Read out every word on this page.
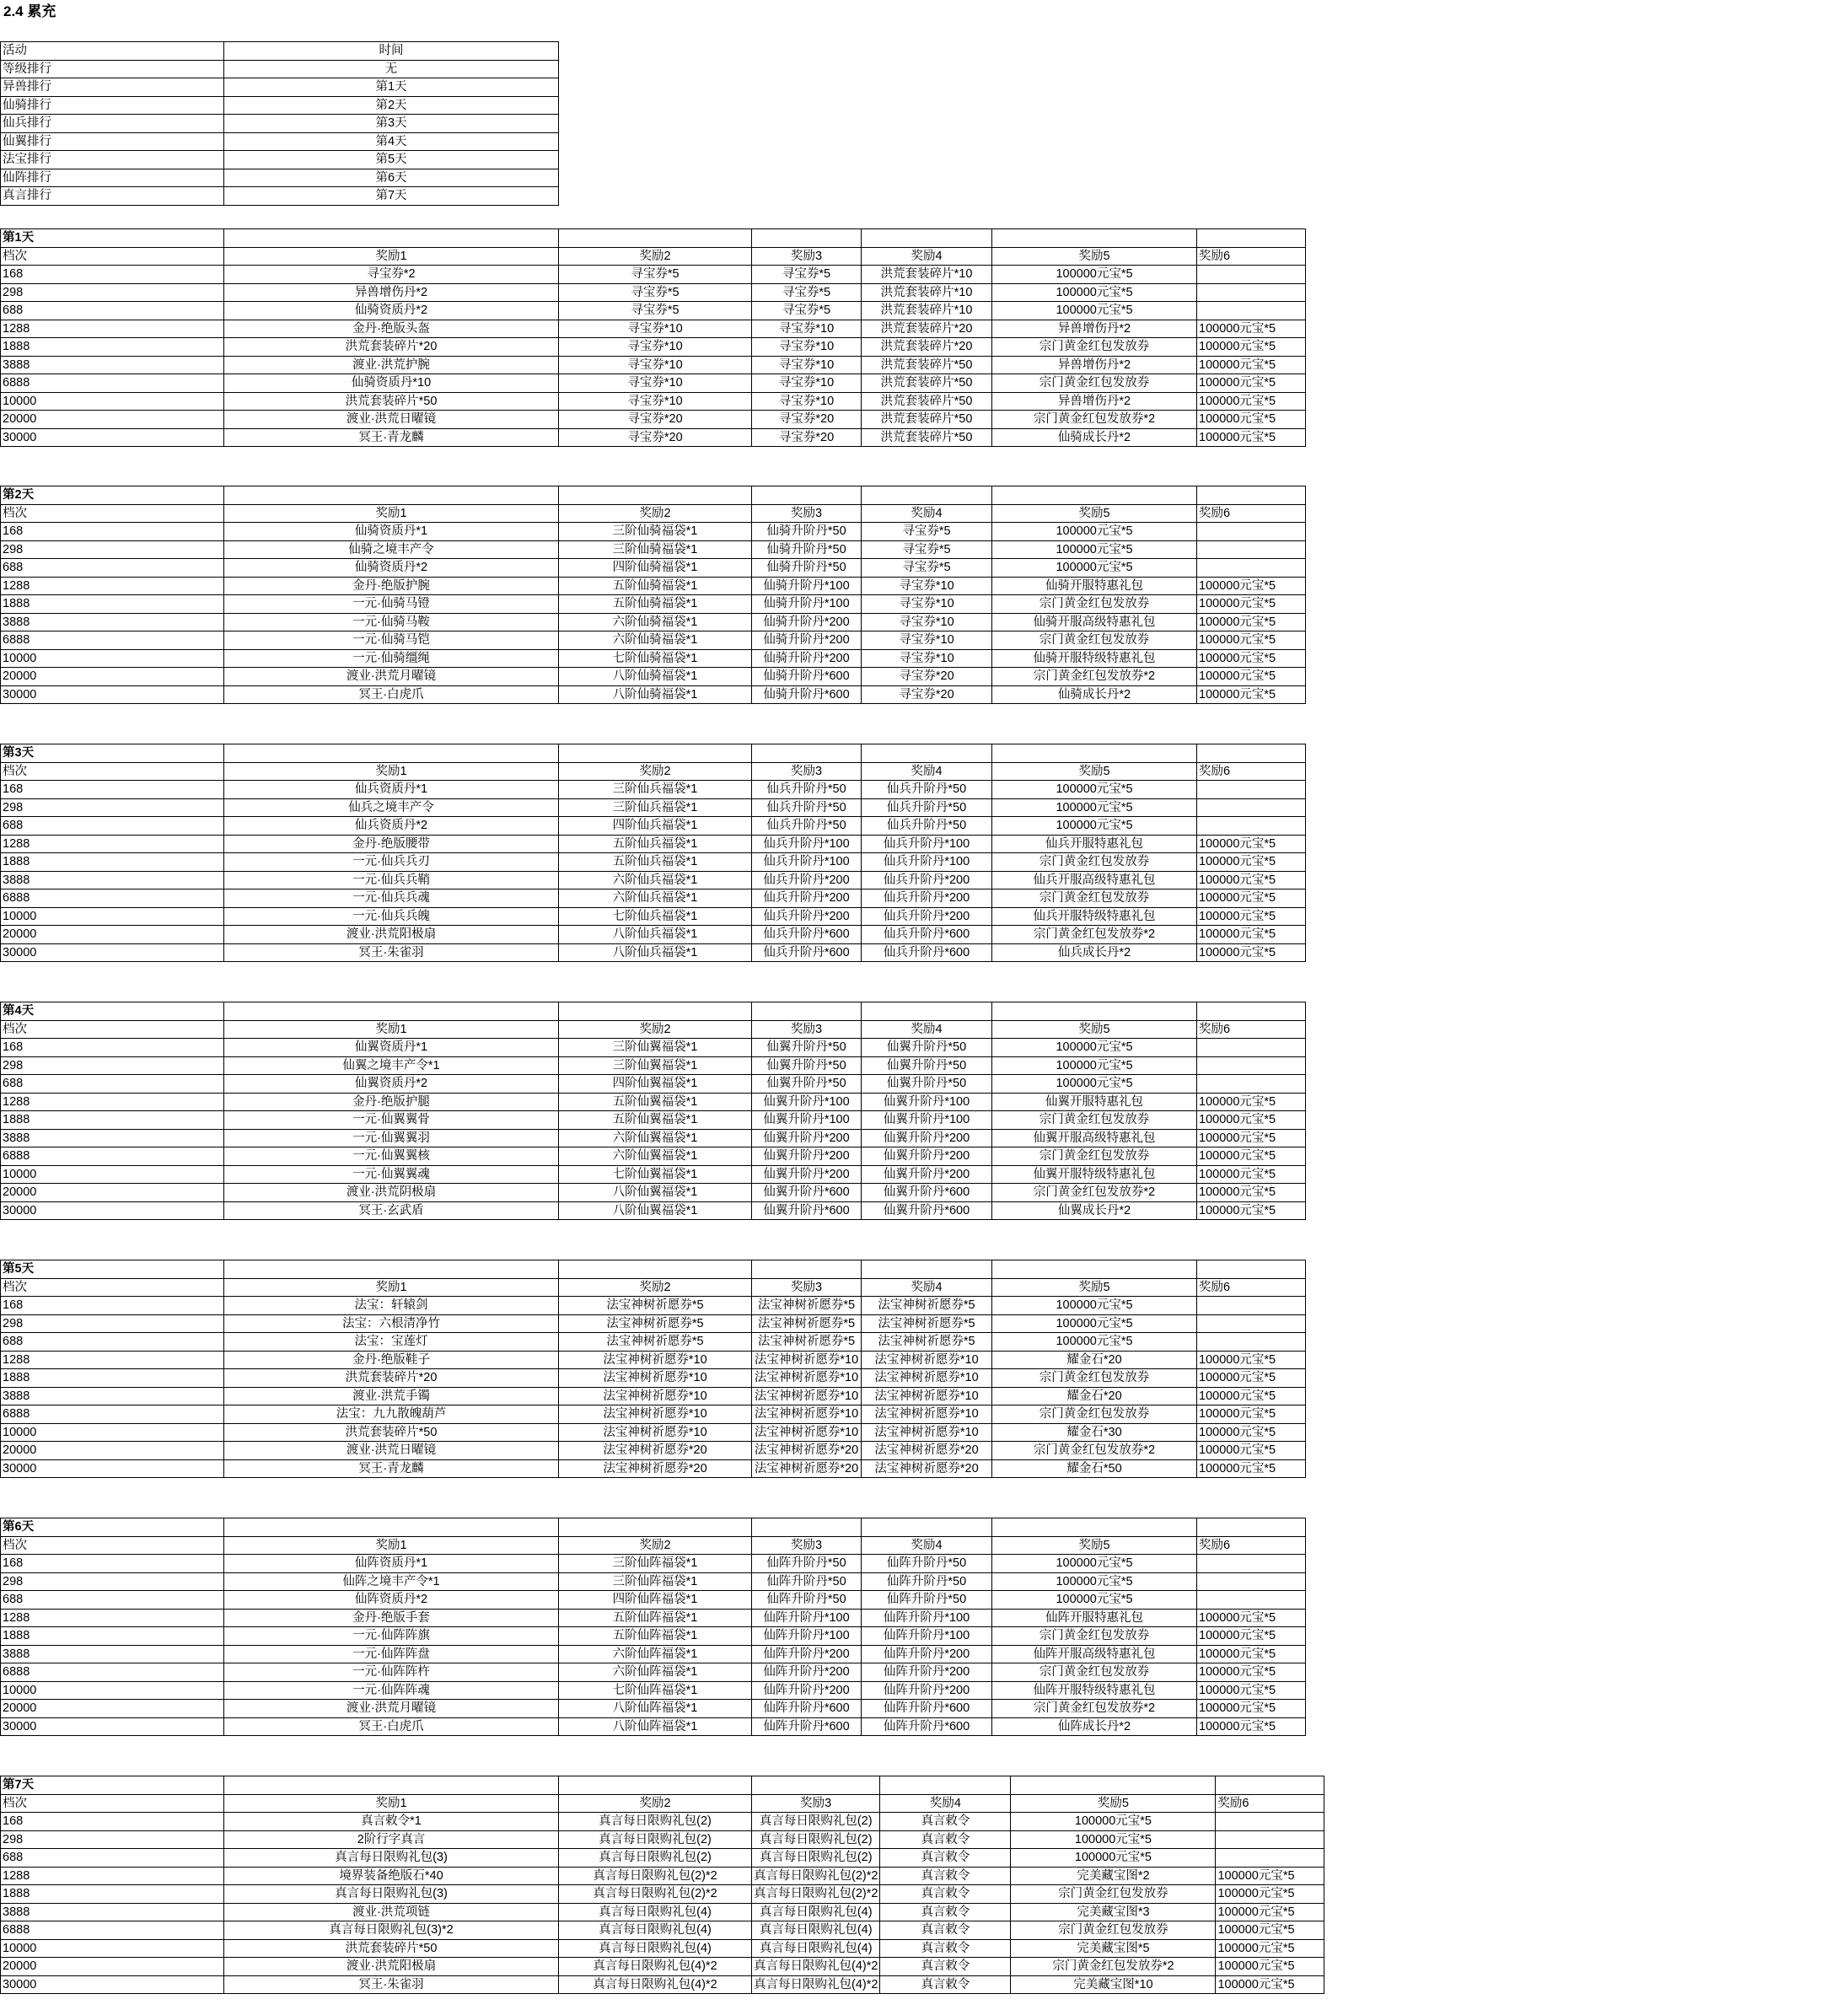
2.4 累充
活动	时间
等级排行	无
异兽排行	第1天
仙骑排行	第2天
仙兵排行	第3天
仙翼排行	第4天
法宝排行	第5天
仙阵排行	第6天
真言排行	第7天
第1天						
档次	奖励1	奖励2	奖励3	奖励4	奖励5	奖励6
168	寻宝券*2	寻宝券*5	寻宝券*5	洪荒套装碎片*10	100000元宝*5	
298	异兽增伤丹*2	寻宝券*5	寻宝券*5	洪荒套装碎片*10	100000元宝*5	
688	仙骑资质丹*2	寻宝券*5	寻宝券*5	洪荒套装碎片*10	100000元宝*5	
1288	金丹·绝版头盔	寻宝券*10	寻宝券*10	洪荒套装碎片*20	异兽增伤丹*2	100000元宝*5
1888	洪荒套装碎片*20	寻宝券*10	寻宝券*10	洪荒套装碎片*20	宗门黄金红包发放券	100000元宝*5
3888	渡业·洪荒护腕	寻宝券*10	寻宝券*10	洪荒套装碎片*50	异兽增伤丹*2	100000元宝*5
6888	仙骑资质丹*10	寻宝券*10	寻宝券*10	洪荒套装碎片*50	宗门黄金红包发放券	100000元宝*5
10000	洪荒套装碎片*50	寻宝券*10	寻宝券*10	洪荒套装碎片*50	异兽增伤丹*2	100000元宝*5
20000	渡业·洪荒日曜镜	寻宝券*20	寻宝券*20	洪荒套装碎片*50	宗门黄金红包发放券*2	100000元宝*5
30000	冥王·青龙麟	寻宝券*20	寻宝券*20	洪荒套装碎片*50	仙骑成长丹*2	100000元宝*5
第2天						
档次	奖励1	奖励2	奖励3	奖励4	奖励5	奖励6
168	仙骑资质丹*1	三阶仙骑福袋*1	仙骑升阶丹*50	寻宝券*5	100000元宝*5	
298	仙骑之境丰产令	三阶仙骑福袋*1	仙骑升阶丹*50	寻宝券*5	100000元宝*5	
688	仙骑资质丹*2	四阶仙骑福袋*1	仙骑升阶丹*50	寻宝券*5	100000元宝*5	
1288	金丹·绝版护腕	五阶仙骑福袋*1	仙骑升阶丹*100	寻宝券*10	仙骑开服特惠礼包	100000元宝*5
1888	一元·仙骑马镫	五阶仙骑福袋*1	仙骑升阶丹*100	寻宝券*10	宗门黄金红包发放券	100000元宝*5
3888	一元·仙骑马鞍	六阶仙骑福袋*1	仙骑升阶丹*200	寻宝券*10	仙骑开服高级特惠礼包	100000元宝*5
6888	一元·仙骑马铠	六阶仙骑福袋*1	仙骑升阶丹*200	寻宝券*10	宗门黄金红包发放券	100000元宝*5
10000	一元·仙骑缰绳	七阶仙骑福袋*1	仙骑升阶丹*200	寻宝券*10	仙骑开服特级特惠礼包	100000元宝*5
20000	渡业·洪荒月曜镜	八阶仙骑福袋*1	仙骑升阶丹*600	寻宝券*20	宗门黄金红包发放券*2	100000元宝*5
30000	冥王·白虎爪	八阶仙骑福袋*1	仙骑升阶丹*600	寻宝券*20	仙骑成长丹*2	100000元宝*5
第3天						
档次	奖励1	奖励2	奖励3	奖励4	奖励5	奖励6
168	仙兵资质丹*1	三阶仙兵福袋*1	仙兵升阶丹*50	仙兵升阶丹*50	100000元宝*5	
298	仙兵之境丰产令	三阶仙兵福袋*1	仙兵升阶丹*50	仙兵升阶丹*50	100000元宝*5	
688	仙兵资质丹*2	四阶仙兵福袋*1	仙兵升阶丹*50	仙兵升阶丹*50	100000元宝*5	
1288	金丹·绝版腰带	五阶仙兵福袋*1	仙兵升阶丹*100	仙兵升阶丹*100	仙兵开服特惠礼包	100000元宝*5
1888	一元·仙兵兵刃	五阶仙兵福袋*1	仙兵升阶丹*100	仙兵升阶丹*100	宗门黄金红包发放券	100000元宝*5
3888	一元·仙兵兵鞘	六阶仙兵福袋*1	仙兵升阶丹*200	仙兵升阶丹*200	仙兵开服高级特惠礼包	100000元宝*5
6888	一元·仙兵兵魂	六阶仙兵福袋*1	仙兵升阶丹*200	仙兵升阶丹*200	宗门黄金红包发放券	100000元宝*5
10000	一元·仙兵兵魄	七阶仙兵福袋*1	仙兵升阶丹*200	仙兵升阶丹*200	仙兵开服特级特惠礼包	100000元宝*5
20000	渡业·洪荒阳极扇	八阶仙兵福袋*1	仙兵升阶丹*600	仙兵升阶丹*600	宗门黄金红包发放券*2	100000元宝*5
30000	冥王·朱雀羽	八阶仙兵福袋*1	仙兵升阶丹*600	仙兵升阶丹*600	仙兵成长丹*2	100000元宝*5
第4天						
档次	奖励1	奖励2	奖励3	奖励4	奖励5	奖励6
168	仙翼资质丹*1	三阶仙翼福袋*1	仙翼升阶丹*50	仙翼升阶丹*50	100000元宝*5	
298	仙翼之境丰产令*1	三阶仙翼福袋*1	仙翼升阶丹*50	仙翼升阶丹*50	100000元宝*5	
688	仙翼资质丹*2	四阶仙翼福袋*1	仙翼升阶丹*50	仙翼升阶丹*50	100000元宝*5	
1288	金丹·绝版护腿	五阶仙翼福袋*1	仙翼升阶丹*100	仙翼升阶丹*100	仙翼开服特惠礼包	100000元宝*5
1888	一元·仙翼翼骨	五阶仙翼福袋*1	仙翼升阶丹*100	仙翼升阶丹*100	宗门黄金红包发放券	100000元宝*5
3888	一元·仙翼翼羽	六阶仙翼福袋*1	仙翼升阶丹*200	仙翼升阶丹*200	仙翼开服高级特惠礼包	100000元宝*5
6888	一元·仙翼翼核	六阶仙翼福袋*1	仙翼升阶丹*200	仙翼升阶丹*200	宗门黄金红包发放券	100000元宝*5
10000	一元·仙翼翼魂	七阶仙翼福袋*1	仙翼升阶丹*200	仙翼升阶丹*200	仙翼开服特级特惠礼包	100000元宝*5
20000	渡业·洪荒阴极扇	八阶仙翼福袋*1	仙翼升阶丹*600	仙翼升阶丹*600	宗门黄金红包发放券*2	100000元宝*5
30000	冥王·玄武盾	八阶仙翼福袋*1	仙翼升阶丹*600	仙翼升阶丹*600	仙翼成长丹*2	100000元宝*5
第5天						
档次	奖励1	奖励2	奖励3	奖励4	奖励5	奖励6
168	法宝：轩辕剑	法宝神树祈愿券*5	法宝神树祈愿券*5	法宝神树祈愿券*5	100000元宝*5	
298	法宝：六根清净竹	法宝神树祈愿券*5	法宝神树祈愿券*5	法宝神树祈愿券*5	100000元宝*5	
688	法宝：宝莲灯	法宝神树祈愿券*5	法宝神树祈愿券*5	法宝神树祈愿券*5	100000元宝*5	
1288	金丹·绝版鞋子	法宝神树祈愿券*10	法宝神树祈愿券*10	法宝神树祈愿券*10	耀金石*20	100000元宝*5
1888	洪荒套装碎片*20	法宝神树祈愿券*10	法宝神树祈愿券*10	法宝神树祈愿券*10	宗门黄金红包发放券	100000元宝*5
3888	渡业·洪荒手镯	法宝神树祈愿券*10	法宝神树祈愿券*10	法宝神树祈愿券*10	耀金石*20	100000元宝*5
6888	法宝：九九散魄葫芦	法宝神树祈愿券*10	法宝神树祈愿券*10	法宝神树祈愿券*10	宗门黄金红包发放券	100000元宝*5
10000	洪荒套装碎片*50	法宝神树祈愿券*10	法宝神树祈愿券*10	法宝神树祈愿券*10	耀金石*30	100000元宝*5
20000	渡业·洪荒日曜镜	法宝神树祈愿券*20	法宝神树祈愿券*20	法宝神树祈愿券*20	宗门黄金红包发放券*2	100000元宝*5
30000	冥王·青龙麟	法宝神树祈愿券*20	法宝神树祈愿券*20	法宝神树祈愿券*20	耀金石*50	100000元宝*5
第6天						
档次	奖励1	奖励2	奖励3	奖励4	奖励5	奖励6
168	仙阵资质丹*1	三阶仙阵福袋*1	仙阵升阶丹*50	仙阵升阶丹*50	100000元宝*5	
298	仙阵之境丰产令*1	三阶仙阵福袋*1	仙阵升阶丹*50	仙阵升阶丹*50	100000元宝*5	
688	仙阵资质丹*2	四阶仙阵福袋*1	仙阵升阶丹*50	仙阵升阶丹*50	100000元宝*5	
1288	金丹·绝版手套	五阶仙阵福袋*1	仙阵升阶丹*100	仙阵升阶丹*100	仙阵开服特惠礼包	100000元宝*5
1888	一元·仙阵阵旗	五阶仙阵福袋*1	仙阵升阶丹*100	仙阵升阶丹*100	宗门黄金红包发放券	100000元宝*5
3888	一元·仙阵阵盘	六阶仙阵福袋*1	仙阵升阶丹*200	仙阵升阶丹*200	仙阵开服高级特惠礼包	100000元宝*5
6888	一元·仙阵阵杵	六阶仙阵福袋*1	仙阵升阶丹*200	仙阵升阶丹*200	宗门黄金红包发放券	100000元宝*5
10000	一元·仙阵阵魂	七阶仙阵福袋*1	仙阵升阶丹*200	仙阵升阶丹*200	仙阵开服特级特惠礼包	100000元宝*5
20000	渡业·洪荒月曜镜	八阶仙阵福袋*1	仙阵升阶丹*600	仙阵升阶丹*600	宗门黄金红包发放券*2	100000元宝*5
30000	冥王·白虎爪	八阶仙阵福袋*1	仙阵升阶丹*600	仙阵升阶丹*600	仙阵成长丹*2	100000元宝*5
第7天						
档次	奖励1	奖励2	奖励3	奖励4	奖励5	奖励6
168	真言敕令*1	真言每日限购礼包(2)	真言每日限购礼包(2)	真言敕令	100000元宝*5	
298	2阶行字真言	真言每日限购礼包(2)	真言每日限购礼包(2)	真言敕令	100000元宝*5	
688	真言每日限购礼包(3)	真言每日限购礼包(2)	真言每日限购礼包(2)	真言敕令	100000元宝*5	
1288	境界装备绝版石*40	真言每日限购礼包(2)*2	真言每日限购礼包(2)*2	真言敕令	完美藏宝图*2	100000元宝*5
1888	真言每日限购礼包(3)	真言每日限购礼包(2)*2	真言每日限购礼包(2)*2	真言敕令	宗门黄金红包发放券	100000元宝*5
3888	渡业·洪荒项链	真言每日限购礼包(4)	真言每日限购礼包(4)	真言敕令	完美藏宝图*3	100000元宝*5
6888	真言每日限购礼包(3)*2	真言每日限购礼包(4)	真言每日限购礼包(4)	真言敕令	宗门黄金红包发放券	100000元宝*5
10000	洪荒套装碎片*50	真言每日限购礼包(4)	真言每日限购礼包(4)	真言敕令	完美藏宝图*5	100000元宝*5
20000	渡业·洪荒阳极扇	真言每日限购礼包(4)*2	真言每日限购礼包(4)*2	真言敕令	宗门黄金红包发放券*2	100000元宝*5
30000	冥王·朱雀羽	真言每日限购礼包(4)*2	真言每日限购礼包(4)*2	真言敕令	完美藏宝图*10	100000元宝*5
